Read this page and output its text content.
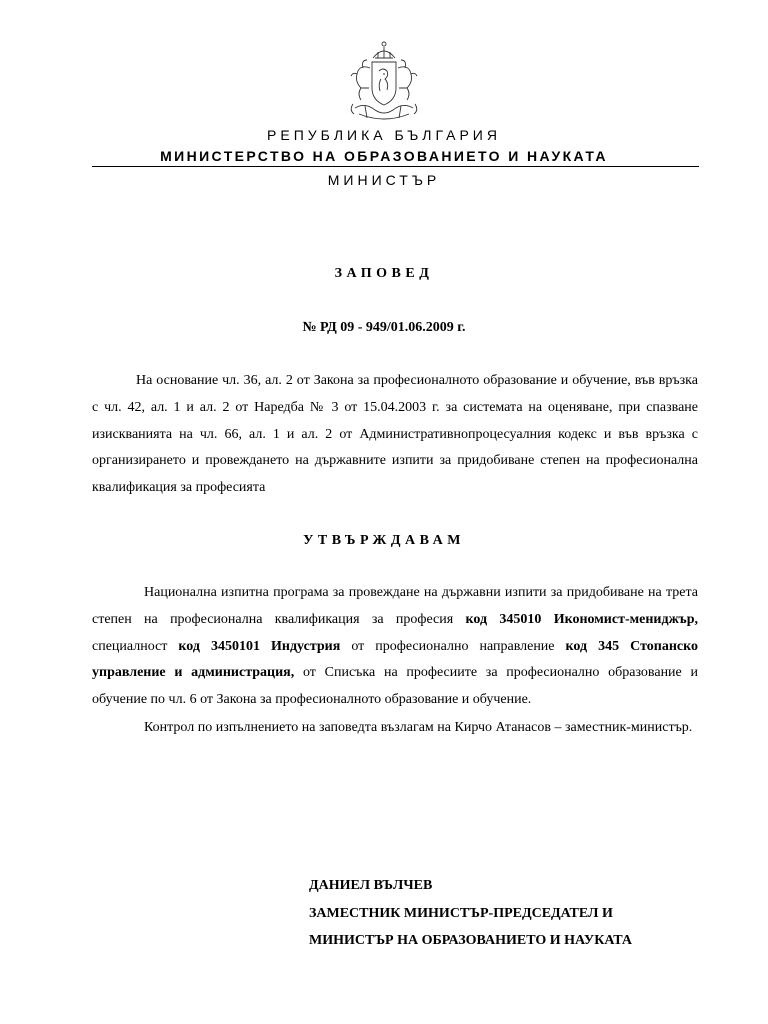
РЕПУБЛИКА БЪЛГАРИЯ

МИНИСТЕРСТВО НА ОБРАЗОВАНИЕТО И НАУКАТА

МИНИСТЪР

ЗАПОВЕД

№ РД 09 - 949/01.06.2009 г.

На основание чл. 36, ал. 2 от Закона за професионалното образование и обучение, във връзка с чл. 42, ал. 1 и ал. 2 от Наредба № 3 от 15.04.2003 г. за системата на оценяване, при спазване изискванията на чл. 66, ал. 1 и ал. 2 от Административнопроцесуалния кодекс и във връзка с организирането и провеждането на държавните изпити за придобиване степен на професионална квалификация за професията

УТВЪРЖДАВАМ

Национална изпитна програма за провеждане на държавни изпити за придобиване на трета степен на професионална квалификация за професия код 345010 Икономист-мениджър, специалност код 3450101 Индустрия от професионално направление код 345 Стопанско управление и администрация, от Списъка на професиите за професионално образование и обучение по чл. 6 от Закона за професионалното образование и обучение.

Контрол по изпълнението на заповедта възлагам на Кирчо Атанасов – заместник-министър.

ДАНИЕЛ ВЪЛЧЕВ

ЗАМЕСТНИК МИНИСТЪР-ПРЕДСЕДАТЕЛ И

МИНИСТЪР НА ОБРАЗОВАНИЕТО И НАУКАТА
